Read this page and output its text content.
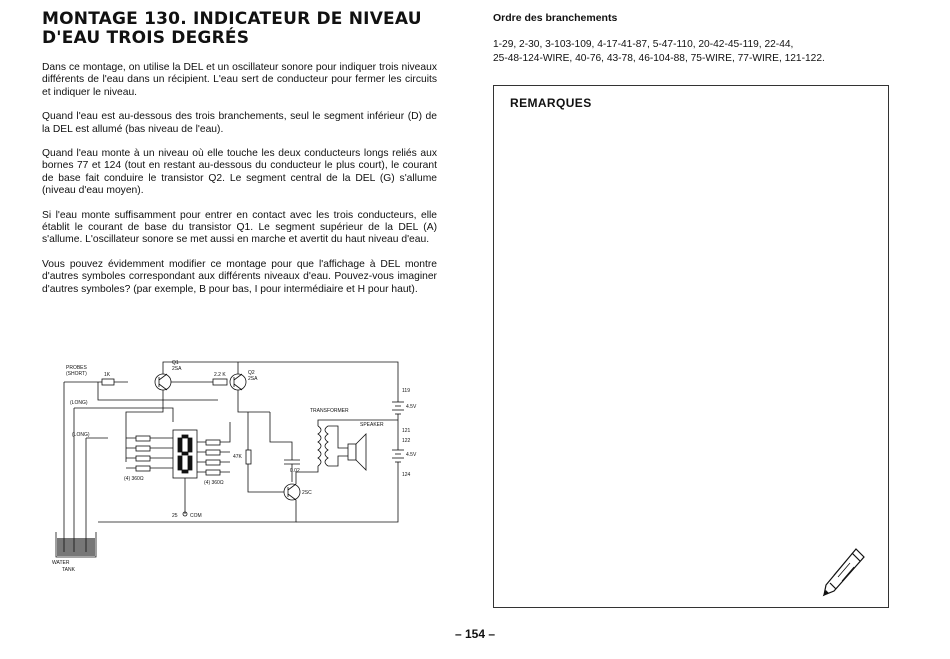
MONTAGE 130. INDICATEUR DE NIVEAU
D'EAU TROIS DEGRÉS

Dans ce montage, on utilise la DEL et un oscillateur sonore pour indiquer trois niveaux différents de l'eau dans un récipient. L'eau sert de conducteur pour fermer les circuits et indiquer le niveau.

Quand l'eau est au-dessous des trois branchements, seul le segment inférieur (D) de la DEL est allumé (bas niveau de l'eau).

Quand l'eau monte à un niveau où elle touche les deux conducteurs longs reliés aux bornes 77 et 124 (tout en restant au-dessous du conducteur le plus court), le courant de base fait conduire le transistor Q2. Le segment central de la DEL (G) s'allume (niveau d'eau moyen).

Si l'eau monte suffisamment pour entrer en contact avec les trois conducteurs, elle établit le courant de base du transistor Q1. Le segment supérieur de la DEL (A) s'allume. L'oscillateur sonore se met aussi en marche et avertit du haut niveau d'eau.

Vous pouvez évidemment modifier ce montage pour que l'affichage à DEL montre d'autres symboles correspondant aux différents niveaux d'eau. Pouvez-vous imaginer d'autres symboles? (par exemple, B pour bas, I pour intermédiaire et H pour haut).

WATER
TANK
PROBES
(SHORT)
(LONG)
(LONG)
1K
Q1
2SA
2.2 K	Q2
2SA
(4) 360Ω
25 COM
(4) 360Ω
47K
0.02
2SC
TRANSFORMER
SPEAKER
4.5V
119
4.5V
121
122
124
Ordre des branchements

1-29, 2-30, 3-103-109, 4-17-41-87, 5-47-110, 20-42-45-119, 22-44,

25-48-124-WIRE, 40-76, 43-78, 46-104-88, 75-WIRE, 77-WIRE, 121-122.

REMARQUES
– 154 –
